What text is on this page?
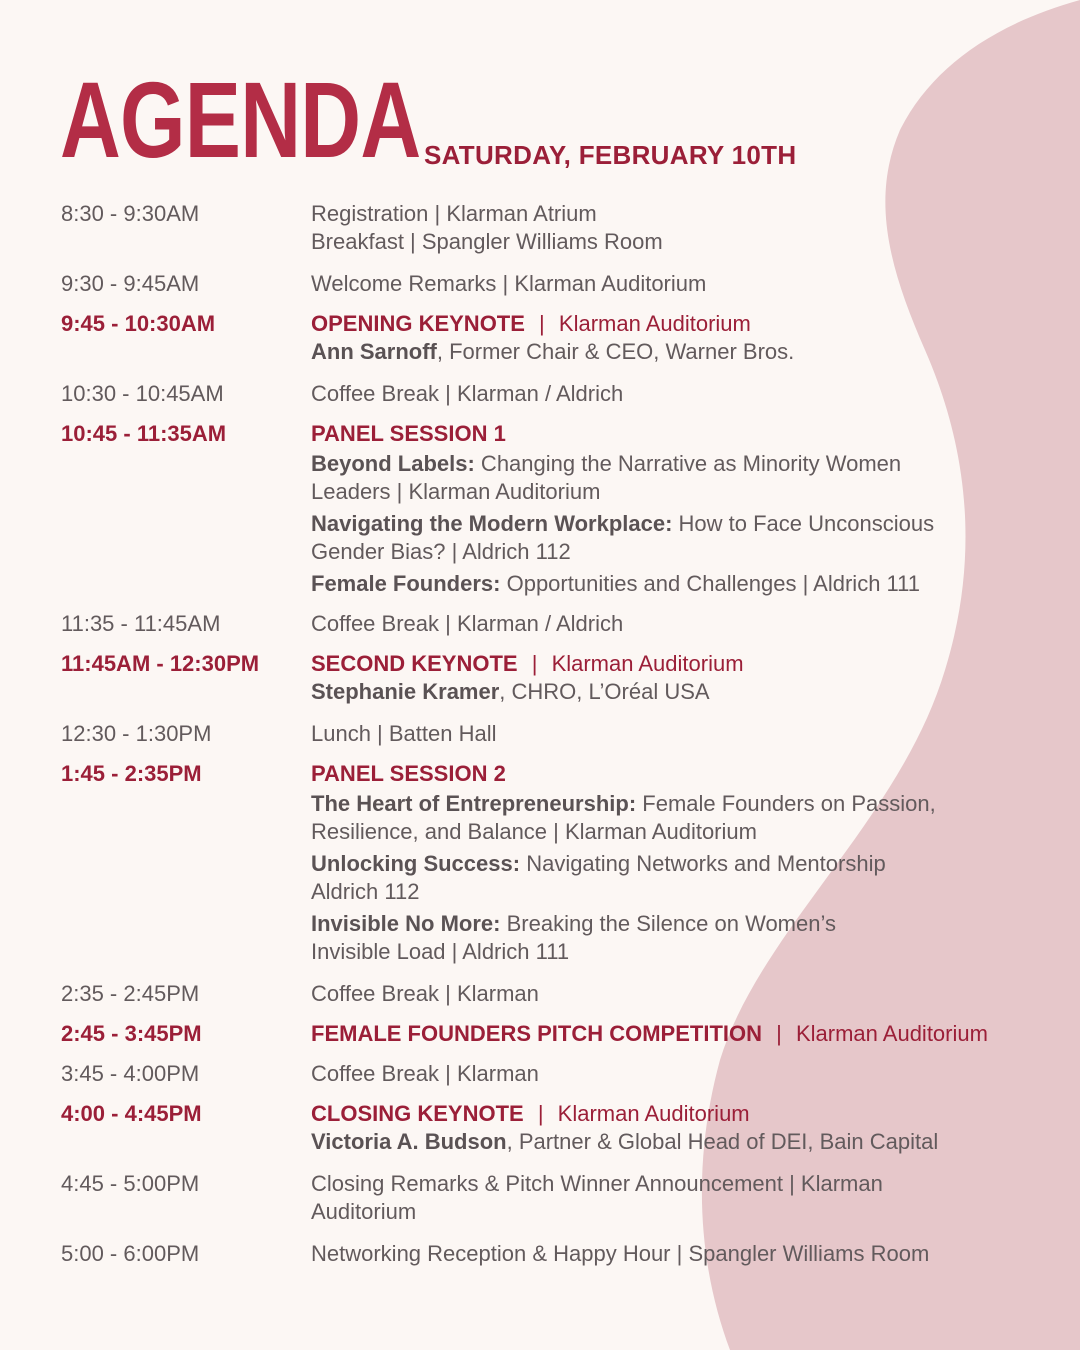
AGENDA SATURDAY, FEBRUARY 10TH
8:30 - 9:30AM	Registration | Klarman Atrium
Breakfast | Spangler Williams Room
9:30 - 9:45AM	Welcome Remarks | Klarman Auditorium
9:45 - 10:30AM	OPENING KEYNOTE | Klarman Auditorium
Ann Sarnoff, Former Chair & CEO, Warner Bros.
10:30 - 10:45AM	Coffee Break | Klarman / Aldrich
10:45 - 11:35AM	PANEL SESSION 1
Beyond Labels: Changing the Narrative as Minority Women
Leaders | Klarman Auditorium
Navigating the Modern Workplace: How to Face Unconscious
Gender Bias? | Aldrich 112
Female Founders: Opportunities and Challenges | Aldrich 111
11:35 - 11:45AM	Coffee Break | Klarman / Aldrich
11:45AM - 12:30PM SECOND KEYNOTE | Klarman Auditorium
Stephanie Kramer, CHRO, L’Oréal USA
12:30 - 1:30PM	Lunch | Batten Hall
1:45 - 2:35PM	PANEL SESSION 2
The Heart of Entrepreneurship: Female Founders on Passion,
Resilience, and Balance | Klarman Auditorium
Unlocking Success: Navigating Networks and Mentorship
Aldrich 112
Invisible No More: Breaking the Silence on Women’s
Invisible Load | Aldrich 111
2:35 - 2:45PM	Coffee Break | Klarman
2:45 - 3:45PM	FEMALE FOUNDERS PITCH COMPETITION | Klarman Auditorium
3:45 - 4:00PM	Coffee Break | Klarman
4:00 - 4:45PM	CLOSING KEYNOTE | Klarman Auditorium
Victoria A. Budson, Partner & Global Head of DEI, Bain Capital
4:45 - 5:00PM	Closing Remarks & Pitch Winner Announcement | Klarman
Auditorium
5:00 - 6:00PM	Networking Reception & Happy Hour | Spangler Williams Room
